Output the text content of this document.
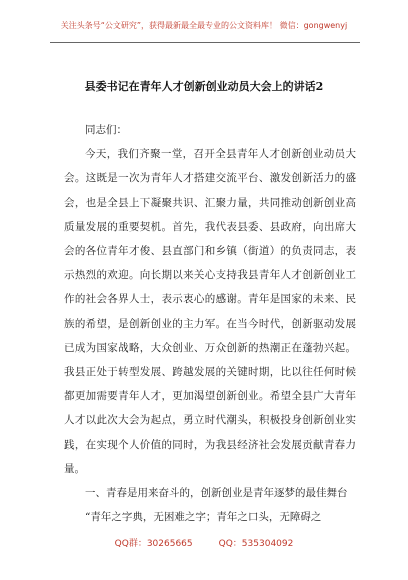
关注头条号“公文研究”，获得最新最全最专业的公文资料库！ 微信：gongwenyj
县委书记在青年人才创新创业动员大会上的讲话2

同志们：

今天，我们齐聚一堂，召开全县青年人才创新创业动员大会。这既是一次为青年人才搭建交流平台、激发创新活力的盛会，也是全县上下凝聚共识、汇聚力量，共同推动创新创业高质量发展的重要契机。首先，我代表县委、县政府，向出席大会的各位青年才俊、县直部门和乡镇（街道）的负责同志，表示热烈的欢迎。向长期以来关心支持我县青年人才创新创业工作的社会各界人士，表示衷心的感谢。青年是国家的未来、民族的希望，是创新创业的主力军。在当今时代，创新驱动发展已成为国家战略，大众创业、万众创新的热潮正在蓬勃兴起。我县正处于转型发展、跨越发展的关键时期，比以往任何时候都更加需要青年人才，更加渴望创新创业。希望全县广大青年人才以此次大会为起点，勇立时代潮头，积极投身创新创业实践，在实现个人价值的同时，为我县经济社会发展贡献青春力量。

一、青春是用来奋斗的，创新创业是青年逐梦的最佳舞台

“青年之字典，无困难之字；青年之口头，无障碍之

QQ群：30265665	QQ：535304092
